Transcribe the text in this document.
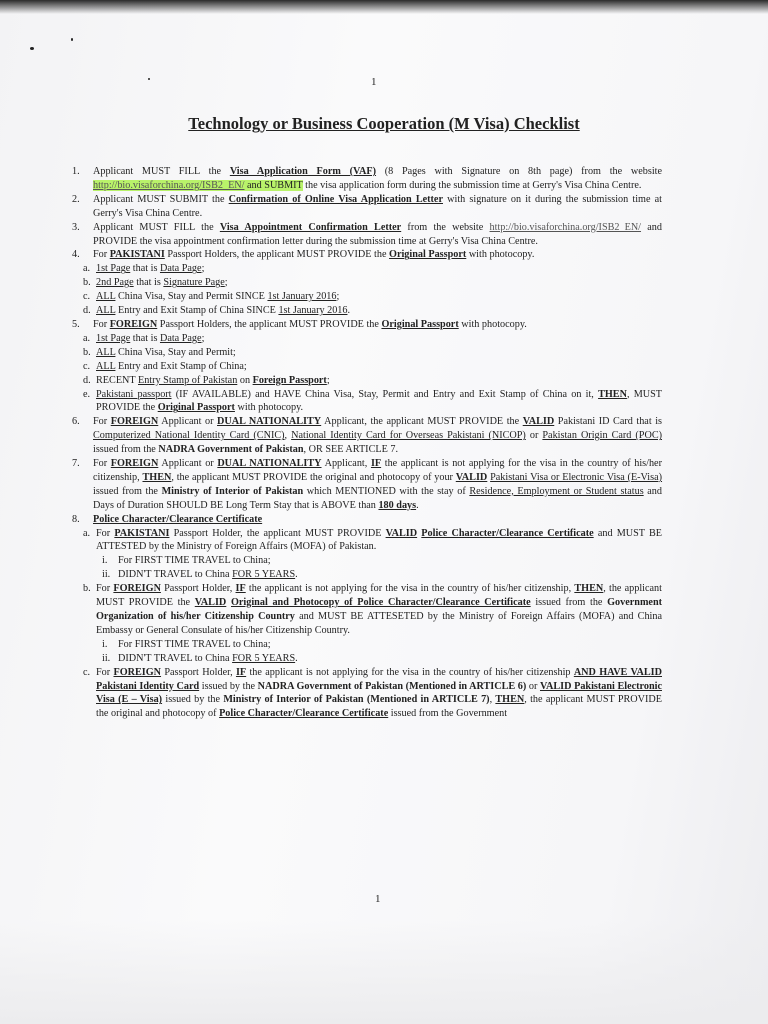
1
Technology or Business Cooperation (M Visa) Checklist
1. Applicant MUST FILL the Visa Application Form (VAF) (8 Pages with Signature on 8th page) from the website http://bio.visaforchina.org/ISB2_EN/ and SUBMIT the visa application form during the submission time at Gerry's Visa China Centre.
2. Applicant MUST SUBMIT the Confirmation of Online Visa Application Letter with signature on it during the submission time at Gerry's Visa China Centre.
3. Applicant MUST FILL the Visa Appointment Confirmation Letter from the website http://bio.visaforchina.org/ISB2_EN/ and PROVIDE the visa appointment confirmation letter during the submission time at Gerry's Visa China Centre.
4. For PAKISTANI Passport Holders, the applicant MUST PROVIDE the Original Passport with photocopy.
a. 1st Page that is Data Page;
b. 2nd Page that is Signature Page;
c. ALL China Visa, Stay and Permit SINCE 1st January 2016;
d. ALL Entry and Exit Stamp of China SINCE 1st January 2016.
5. For FOREIGN Passport Holders, the applicant MUST PROVIDE the Original Passport with photocopy.
a. 1st Page that is Data Page;
b. ALL China Visa, Stay and Permit;
c. ALL Entry and Exit Stamp of China;
d. RECENT Entry Stamp of Pakistan on Foreign Passport;
e. Pakistani passport (IF AVAILABLE) and HAVE China Visa, Stay, Permit and Entry and Exit Stamp of China on it, THEN, MUST PROVIDE the Original Passport with photocopy.
6. For FOREIGN Applicant or DUAL NATIONALITY Applicant, the applicant MUST PROVIDE the VALID Pakistani ID Card that is Computerized National Identity Card (CNIC), National Identity Card for Overseas Pakistani (NICOP) or Pakistan Origin Card (POC) issued from the NADRA Government of Pakistan, OR SEE ARTICLE 7.
7. For FOREIGN Applicant or DUAL NATIONALITY Applicant, IF the applicant is not applying for the visa in the country of his/her citizenship, THEN, the applicant MUST PROVIDE the original and photocopy of your VALID Pakistani Visa or Electronic Visa (E-Visa) issued from the Ministry of Interior of Pakistan which MENTIONED with the stay of Residence, Employment or Student status and Days of Duration SHOULD BE Long Term Stay that is ABOVE than 180 days.
8. Police Character/Clearance Certificate
a. For PAKISTANI Passport Holder, the applicant MUST PROVIDE VALID Police Character/Clearance Certificate and MUST BE ATTESTED by the Ministry of Foreign Affairs (MOFA) of Pakistan.
i. For FIRST TIME TRAVEL to China;
ii. DIDN'T TRAVEL to China FOR 5 YEARS.
b. For FOREIGN Passport Holder, IF the applicant is not applying for the visa in the country of his/her citizenship, THEN, the applicant MUST PROVIDE the VALID Original and Photocopy of Police Character/Clearance Certificate issued from the Government Organization of his/her Citizenship Country and MUST BE ATTESETED by the Ministry of Foreign Affairs (MOFA) and China Embassy or General Consulate of his/her Citizenship Country.
i. For FIRST TIME TRAVEL to China;
ii. DIDN'T TRAVEL to China FOR 5 YEARS.
c. For FOREIGN Passport Holder, IF the applicant is not applying for the visa in the country of his/her citizenship AND HAVE VALID Pakistani Identity Card issued by the NADRA Government of Pakistan (Mentioned in ARTICLE 6) or VALID Pakistani Electronic Visa (E – Visa) issued by the Ministry of Interior of Pakistan (Mentioned in ARTICLE 7), THEN, the applicant MUST PROVIDE the original and photocopy of Police Character/Clearance Certificate issued from the Government
1
